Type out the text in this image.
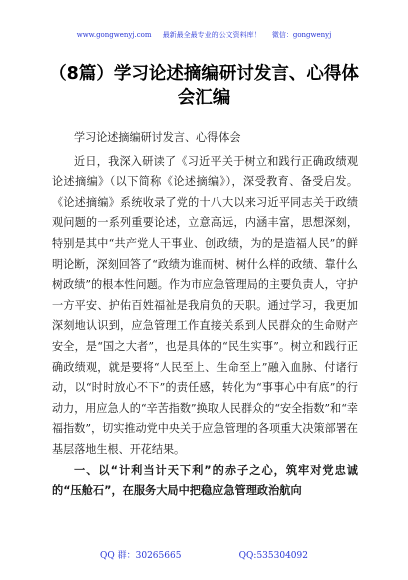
www.gongwenyj.com 最新最全最专业的公文资料库！ 微信：gongwenyj
（8篇）学习论述摘编研讨发言、心得体会汇编

学习论述摘编研讨发言、心得体会

近日，我深入研读了《习近平关于树立和践行正确政绩观论述摘编》（以下简称《论述摘编》），深受教育、备受启发。《论述摘编》系统收录了党的十八大以来习近平同志关于政绩观问题的一系列重要论述，立意高远，内涵丰富，思想深刻，特别是其中“共产党人干事业、创政绩，为的是造福人民”的鲜明论断，深刻回答了“政绩为谁而树、树什么样的政绩、靠什么树政绩”的根本性问题。作为市应急管理局的主要负责人，守护一方平安、护佑百姓福祉是我肩负的天职。通过学习，我更加深刻地认识到，应急管理工作直接关系到人民群众的生命财产安全，是“国之大者”，也是具体的“民生实事”。树立和践行正确政绩观，就是要将“人民至上、生命至上”融入血脉、付诸行动，以“时时放心不下”的责任感，转化为“事事心中有底”的行动力，用应急人的“辛苦指数”换取人民群众的“安全指数”和“幸福指数”，切实推动党中央关于应急管理的各项重大决策部署在基层落地生根、开花结果。

一、以“计利当计天下利”的赤子之心，筑牢对党忠诚的“压舱石”，在服务大局中把稳应急管理政治航向

QQ 群：30265665	QQ:535304092
